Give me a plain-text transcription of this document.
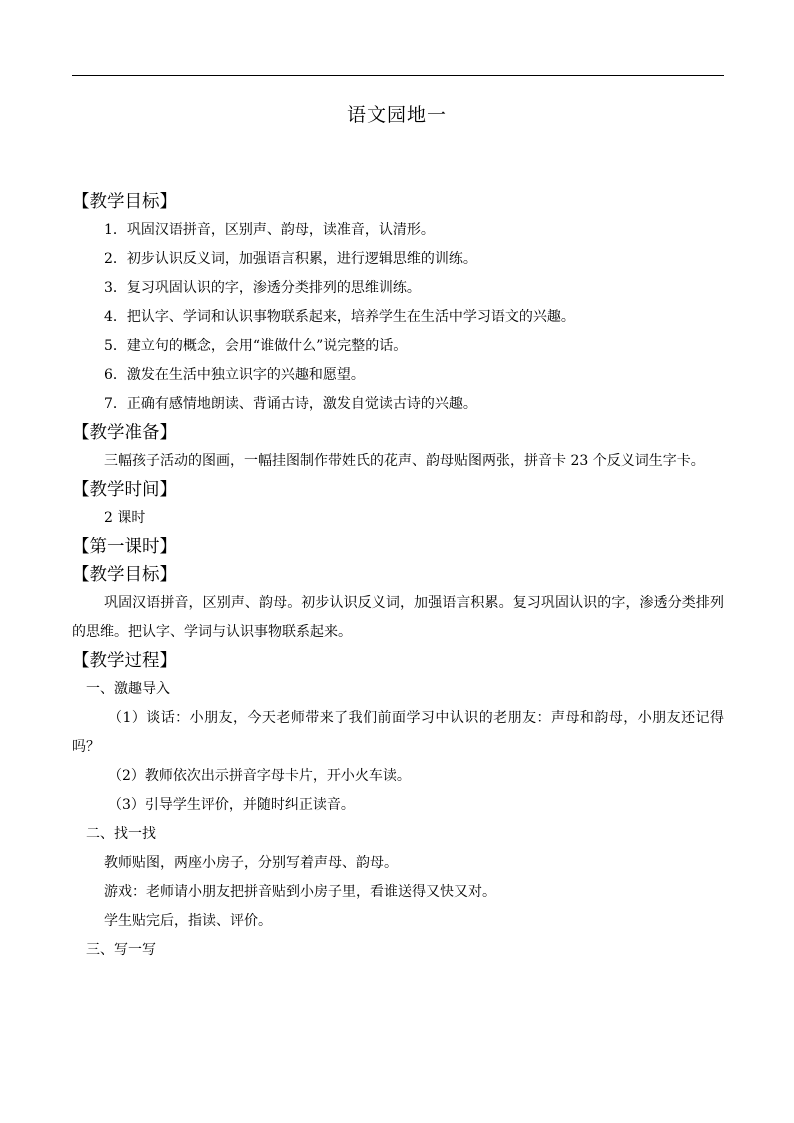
语文园地一
【教学目标】
1．巩固汉语拼音，区别声、韵母，读准音，认清形。
2．初步认识反义词，加强语言积累，进行逻辑思维的训练。
3．复习巩固认识的字，渗透分类排列的思维训练。
4．把认字、学词和认识事物联系起来，培养学生在生活中学习语文的兴趣。
5．建立句的概念，会用“谁做什么”说完整的话。
6．激发在生活中独立识字的兴趣和愿望。
7．正确有感情地朗读、背诵古诗，激发自觉读古诗的兴趣。
【教学准备】
三幅孩子活动的图画，一幅挂图制作带姓氏的花声、韵母贴图两张，拼音卡 23 个反义词生字卡。
【教学时间】
2 课时
【第一课时】
【教学目标】
巩固汉语拼音，区别声、韵母。初步认识反义词，加强语言积累。复习巩固认识的字，渗透分类排列的思维。把认字、学词与认识事物联系起来。
【教学过程】
一、激趣导入
（1）谈话：小朋友，今天老师带来了我们前面学习中认识的老朋友：声母和韵母，小朋友还记得吗？
（2）教师依次出示拼音字母卡片，开小火车读。
（3）引导学生评价，并随时纠正读音。
二、找一找
教师贴图，两座小房子，分别写着声母、韵母。
游戏：老师请小朋友把拼音贴到小房子里，看谁送得又快又对。
学生贴完后，指读、评价。
三、写一写
